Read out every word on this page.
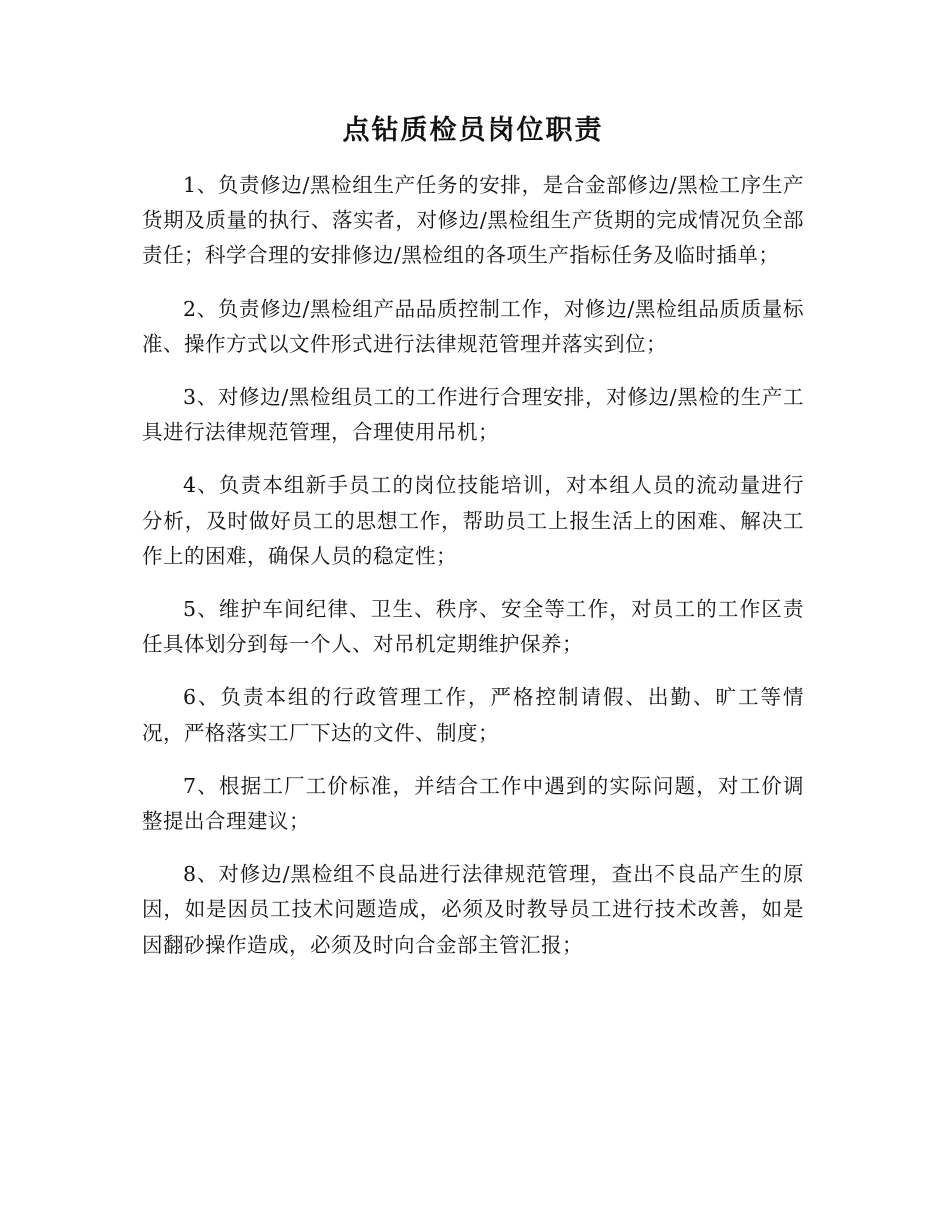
点钻质检员岗位职责

1、负责修边/黑检组生产任务的安排，是合金部修边/黑检工序生产货期及质量的执行、落实者，对修边/黑检组生产货期的完成情况负全部责任；科学合理的安排修边/黑检组的各项生产指标任务及临时插单；

2、负责修边/黑检组产品品质控制工作，对修边/黑检组品质质量标准、操作方式以文件形式进行法律规范管理并落实到位；

3、对修边/黑检组员工的工作进行合理安排，对修边/黑检的生产工具进行法律规范管理，合理使用吊机；

4、负责本组新手员工的岗位技能培训，对本组人员的流动量进行分析，及时做好员工的思想工作，帮助员工上报生活上的困难、解决工作上的困难，确保人员的稳定性；

5、维护车间纪律、卫生、秩序、安全等工作，对员工的工作区责任具体划分到每一个人、对吊机定期维护保养；

6、负责本组的行政管理工作，严格控制请假、出勤、旷工等情况，严格落实工厂下达的文件、制度；

7、根据工厂工价标准，并结合工作中遇到的实际问题，对工价调整提出合理建议；

8、对修边/黑检组不良品进行法律规范管理，查出不良品产生的原因，如是因员工技术问题造成，必须及时教导员工进行技术改善，如是因翻砂操作造成，必须及时向合金部主管汇报；
